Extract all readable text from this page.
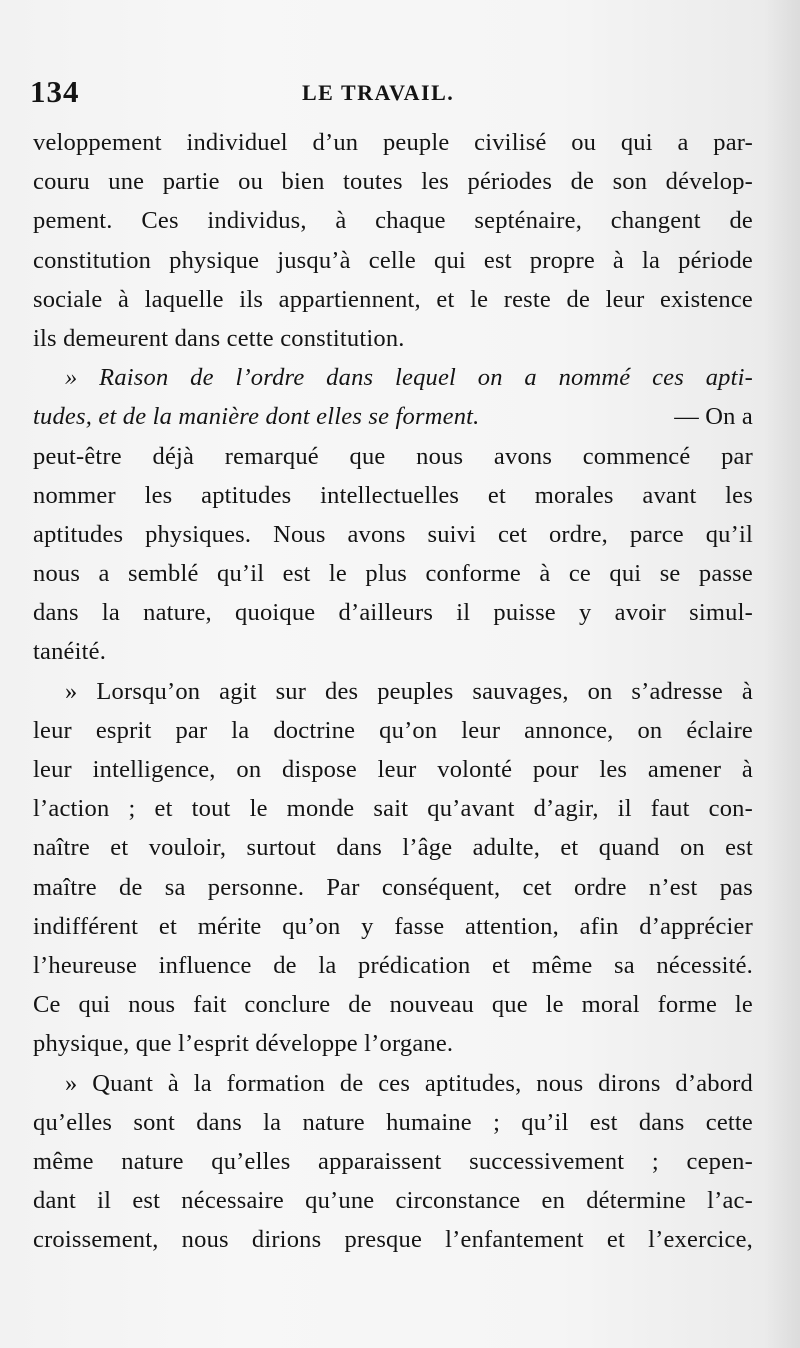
134	LE TRAVAIL.
veloppement individuel d’un peuple civilisé ou qui a par-
couru une partie ou bien toutes les périodes de son dévelop-
pement. Ces individus, à chaque septénaire, changent de
constitution physique jusqu’à celle qui est propre à la période
sociale à laquelle ils appartiennent, et le reste de leur existence
ils demeurent dans cette constitution.
» Raison de l’ordre dans lequel on a nommé ces apti-
tudes, et de la manière dont elles se forment.	— On a
peut-être déjà remarqué que nous avons commencé par
nommer les aptitudes intellectuelles et morales avant les
aptitudes physiques. Nous avons suivi cet ordre, parce qu’il
nous a semblé qu’il est le plus conforme à ce qui se passe
dans la nature, quoique d’ailleurs il puisse y avoir simul-
tanéité.
» Lorsqu’on agit sur des peuples sauvages, on s’adresse à
leur esprit par la doctrine qu’on leur annonce, on éclaire
leur intelligence, on dispose leur volonté pour les amener à
l’action ; et tout le monde sait qu’avant d’agir, il faut con-
naître et vouloir, surtout dans l’âge adulte, et quand on est
maître de sa personne. Par conséquent, cet ordre n’est pas
indifférent et mérite qu’on y fasse attention, afin d’apprécier
l’heureuse influence de la prédication et même sa nécessité.
Ce qui nous fait conclure de nouveau que le moral forme le
physique, que l’esprit développe l’organe.
» Quant à la formation de ces aptitudes, nous dirons d’abord
qu’elles sont dans la nature humaine ; qu’il est dans cette
même nature qu’elles apparaissent successivement ; cepen-
dant il est nécessaire qu’une circonstance en détermine l’ac-
croissement, nous dirions presque l’enfantement et l’exercice,
